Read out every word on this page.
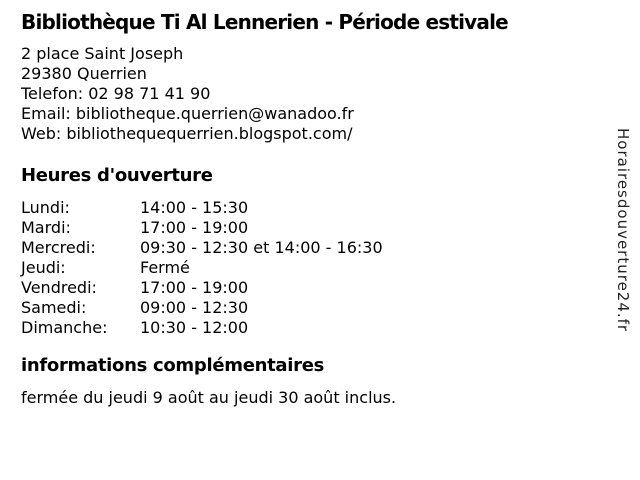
Bibliothèque Ti Al Lennerien - Période estivale
2 place Saint Joseph
29380 Querrien
Telefon: 02 98 71 41 90
Email: bibliotheque.querrien@wanadoo.fr
Web: bibliothequequerrien.blogspot.com/
Heures d'ouverture
Lundi:	14:00 - 15:30
Mardi:	17:00 - 19:00
Mercredi:	09:30 - 12:30 et 14:00 - 16:30
Jeudi:	Fermé
Vendredi:	17:00 - 19:00
Samedi:	09:00 - 12:30
Dimanche: 10:30 - 12:00
informations complémentaires
fermée du jeudi 9 août au jeudi 30 août inclus.
Horairesdouverture24.fr
